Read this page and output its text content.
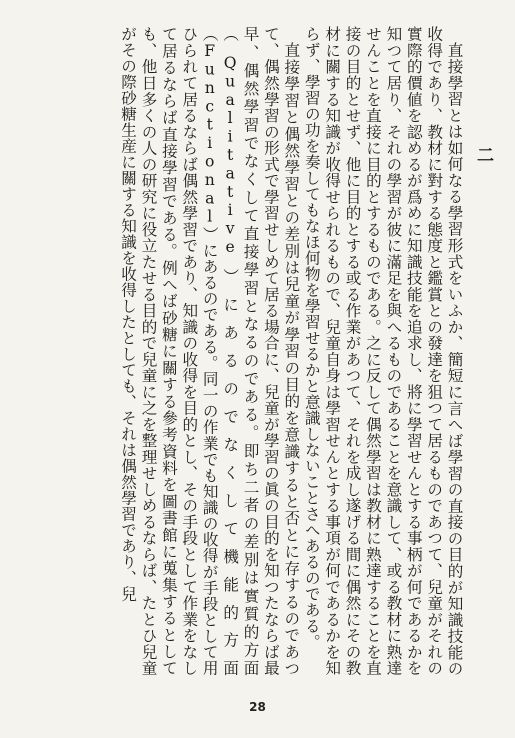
二

直接學習とは如何なる學習形式をいふか、簡短に言へば學習の直接の目的が知識技能の收得であり、教材に對する態度と鑑賞との發達を狙つて居るものであつて、兒童がそれの實際的價値を認めるが爲めに知識技能を追求し、將に學習せんとする事柄が何であるかを知つて居り、それの學習が彼に滿足を與へるものであることを意識して、或る教材に熟達せんことを直接に目的とするものである。之に反して偶然學習は教材に熟達することを直接の目的とせず、他に目的とする或る作業があつて、それを成し遂げる間に偶然にその教材に關する知識が收得せられるもので、兒童自身は學習せんとする事項が何であるかを知らず、學習の功を奏してもなほ何物を學習せるかと意識しないことさへあるのである。

直接學習と偶然學習との差別は兒童が學習の目的を意識すると否とに存するのであつて、偶然學習の形式で學習せしめて居る場合に、兒童が學習の眞の目的を知つたならば最早、偶然學習でなくして直接學習となるのである。即ち二者の差別は實質的方面（Qualitative）にあるのでなくして機能的方面（Functional）にあるのである。同一の作業でも知識の收得が手段として用ひられて居るならば偶然學習であり、知識の收得を目的とし、その手段として作業をなして居るならば直接學習である。例へば砂糖に關する參考資料を圖書館に蒐集するとしても、他日多くの人の研究に役立たせる目的で兒童に之を整理せしめるならば、たとひ兒童がその際砂糖生産に關する知識を收得したとしても、それは偶然學習であり、兒

28
